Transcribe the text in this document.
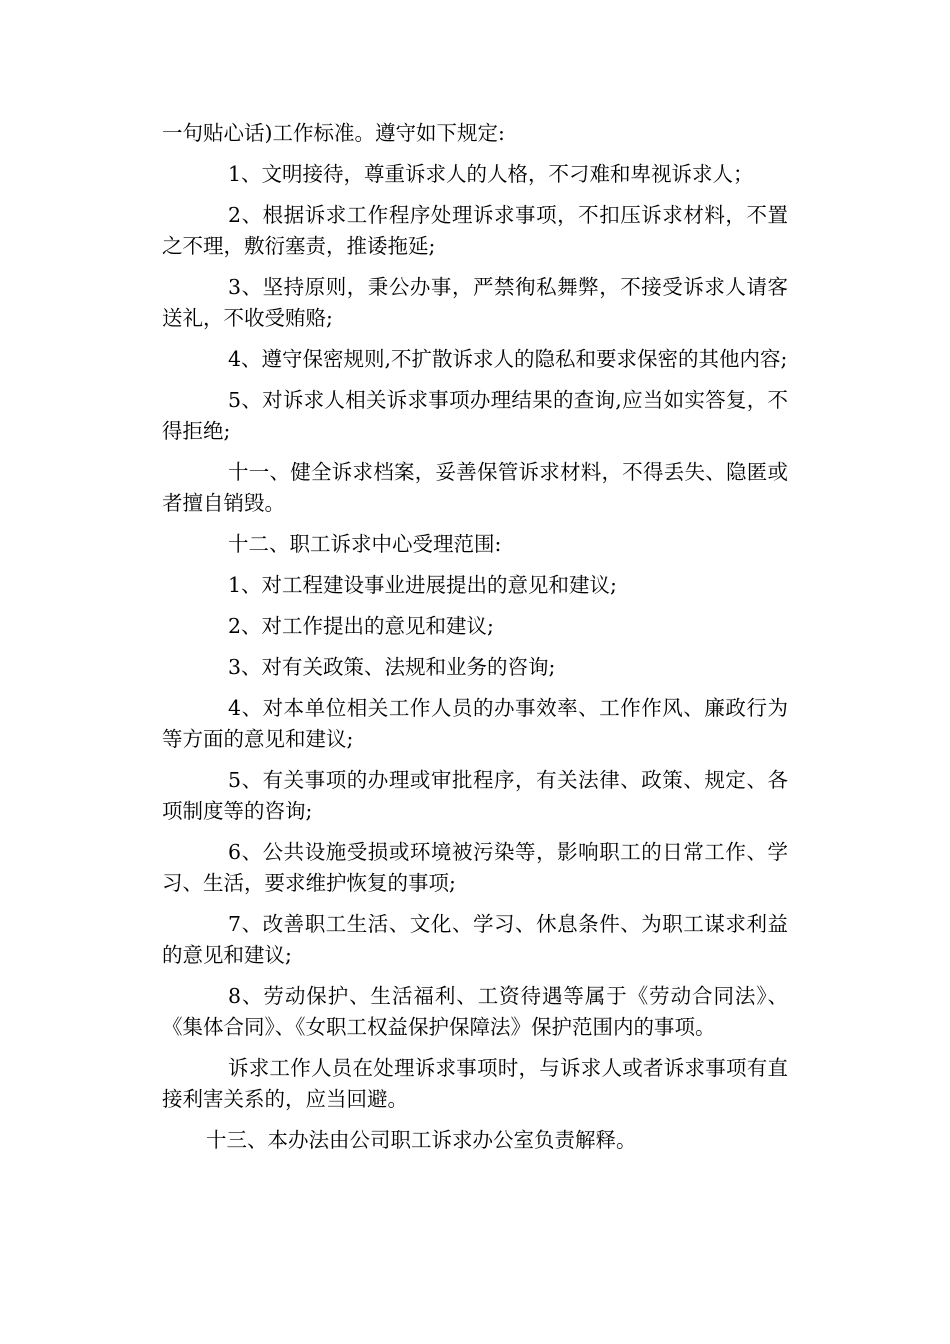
一句贴心话)工作标准。遵守如下规定:

1、文明接待，尊重诉求人的人格，不刁难和卑视诉求人；

2、根据诉求工作程序处理诉求事项，不扣压诉求材料，不置之不理，敷衍塞责，推诿拖延;

3、坚持原则，秉公办事，严禁徇私舞弊，不接受诉求人请客送礼，不收受贿赂;

4、遵守保密规则,不扩散诉求人的隐私和要求保密的其他内容;

5、对诉求人相关诉求事项办理结果的查询,应当如实答复，不得拒绝;

十一、健全诉求档案，妥善保管诉求材料，不得丢失、隐匿或者擅自销毁。

十二、职工诉求中心受理范围:

1、对工程建设事业进展提出的意见和建议;

2、对工作提出的意见和建议;

3、对有关政策、法规和业务的咨询;

4、对本单位相关工作人员的办事效率、工作作风、廉政行为等方面的意见和建议;

5、有关事项的办理或审批程序，有关法律、政策、规定、各项制度等的咨询;

6、公共设施受损或环境被污染等，影响职工的日常工作、学习、生活，要求维护恢复的事项;

7、改善职工生活、文化、学习、休息条件、为职工谋求利益的意见和建议;

8、劳动保护、生活福利、工资待遇等属于《劳动合同法》、《集体合同》、《女职工权益保护保障法》保护范围内的事项。

诉求工作人员在处理诉求事项时，与诉求人或者诉求事项有直接利害关系的，应当回避。

十三、本办法由公司职工诉求办公室负责解释。
